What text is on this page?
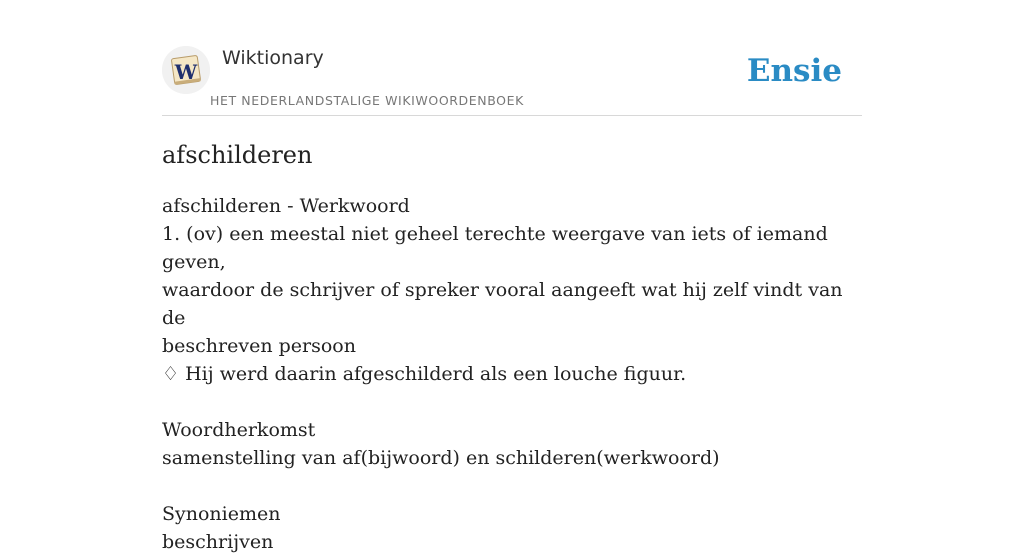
W
Wiktionary
HET NEDERLANDSTALIGE WIKIWOORDENBOEK
Ensie
afschilderen

afschilderen - Werkwoord

1. (ov) een meestal niet geheel terechte weergave van iets of iemand geven,

waardoor de schrijver of spreker vooral aangeeft wat hij zelf vindt van de

beschreven persoon

♢ Hij werd daarin afgeschilderd als een louche figuur.

Woordherkomst

samenstelling van af(bijwoord) en schilderen(werkwoord)

Synoniemen

beschrijven
